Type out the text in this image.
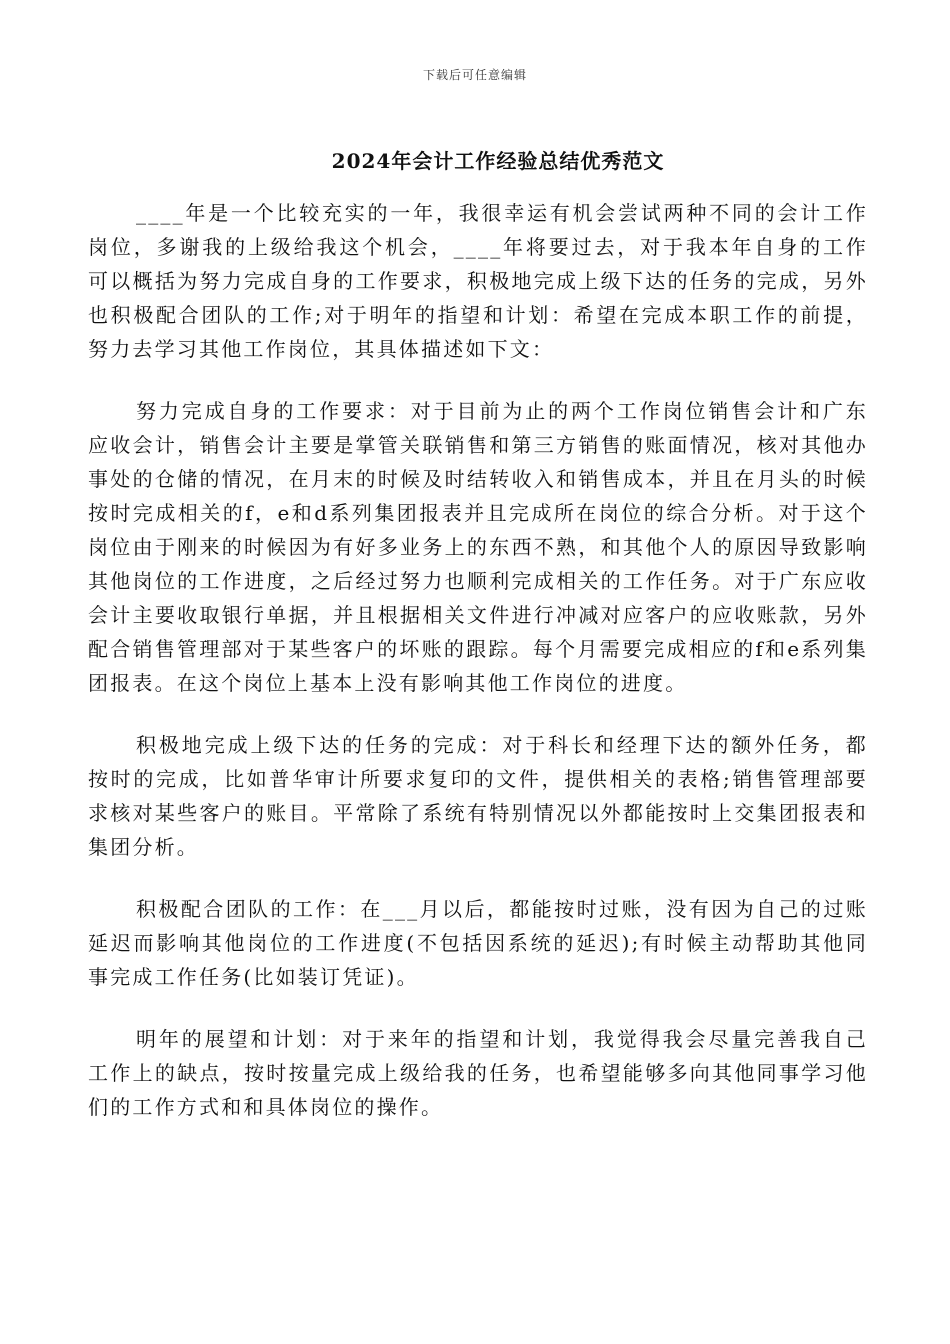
下载后可任意编辑
2024年会计工作经验总结优秀范文

____年是一个比较充实的一年，我很幸运有机会尝试两种不同的会计工作岗位，多谢我的上级给我这个机会，____年将要过去，对于我本年自身的工作可以概括为努力完成自身的工作要求，积极地完成上级下达的任务的完成，另外也积极配合团队的工作;对于明年的指望和计划：希望在完成本职工作的前提，努力去学习其他工作岗位，其具体描述如下文：

努力完成自身的工作要求：对于目前为止的两个工作岗位销售会计和广东应收会计，销售会计主要是掌管关联销售和第三方销售的账面情况，核对其他办事处的仓储的情况，在月末的时候及时结转收入和销售成本，并且在月头的时候按时完成相关的f，e和d系列集团报表并且完成所在岗位的综合分析。对于这个岗位由于刚来的时候因为有好多业务上的东西不熟，和其他个人的原因导致影响其他岗位的工作进度，之后经过努力也顺利完成相关的工作任务。对于广东应收会计主要收取银行单据，并且根据相关文件进行冲减对应客户的应收账款，另外配合销售管理部对于某些客户的坏账的跟踪。每个月需要完成相应的f和e系列集团报表。在这个岗位上基本上没有影响其他工作岗位的进度。

积极地完成上级下达的任务的完成：对于科长和经理下达的额外任务，都按时的完成，比如普华审计所要求复印的文件，提供相关的表格;销售管理部要求核对某些客户的账目。平常除了系统有特别情况以外都能按时上交集团报表和集团分析。

积极配合团队的工作：在___月以后，都能按时过账，没有因为自己的过账延迟而影响其他岗位的工作进度(不包括因系统的延迟);有时候主动帮助其他同事完成工作任务(比如装订凭证)。

明年的展望和计划：对于来年的指望和计划，我觉得我会尽量完善我自己工作上的缺点，按时按量完成上级给我的任务，也希望能够多向其他同事学习他们的工作方式和和具体岗位的操作。
